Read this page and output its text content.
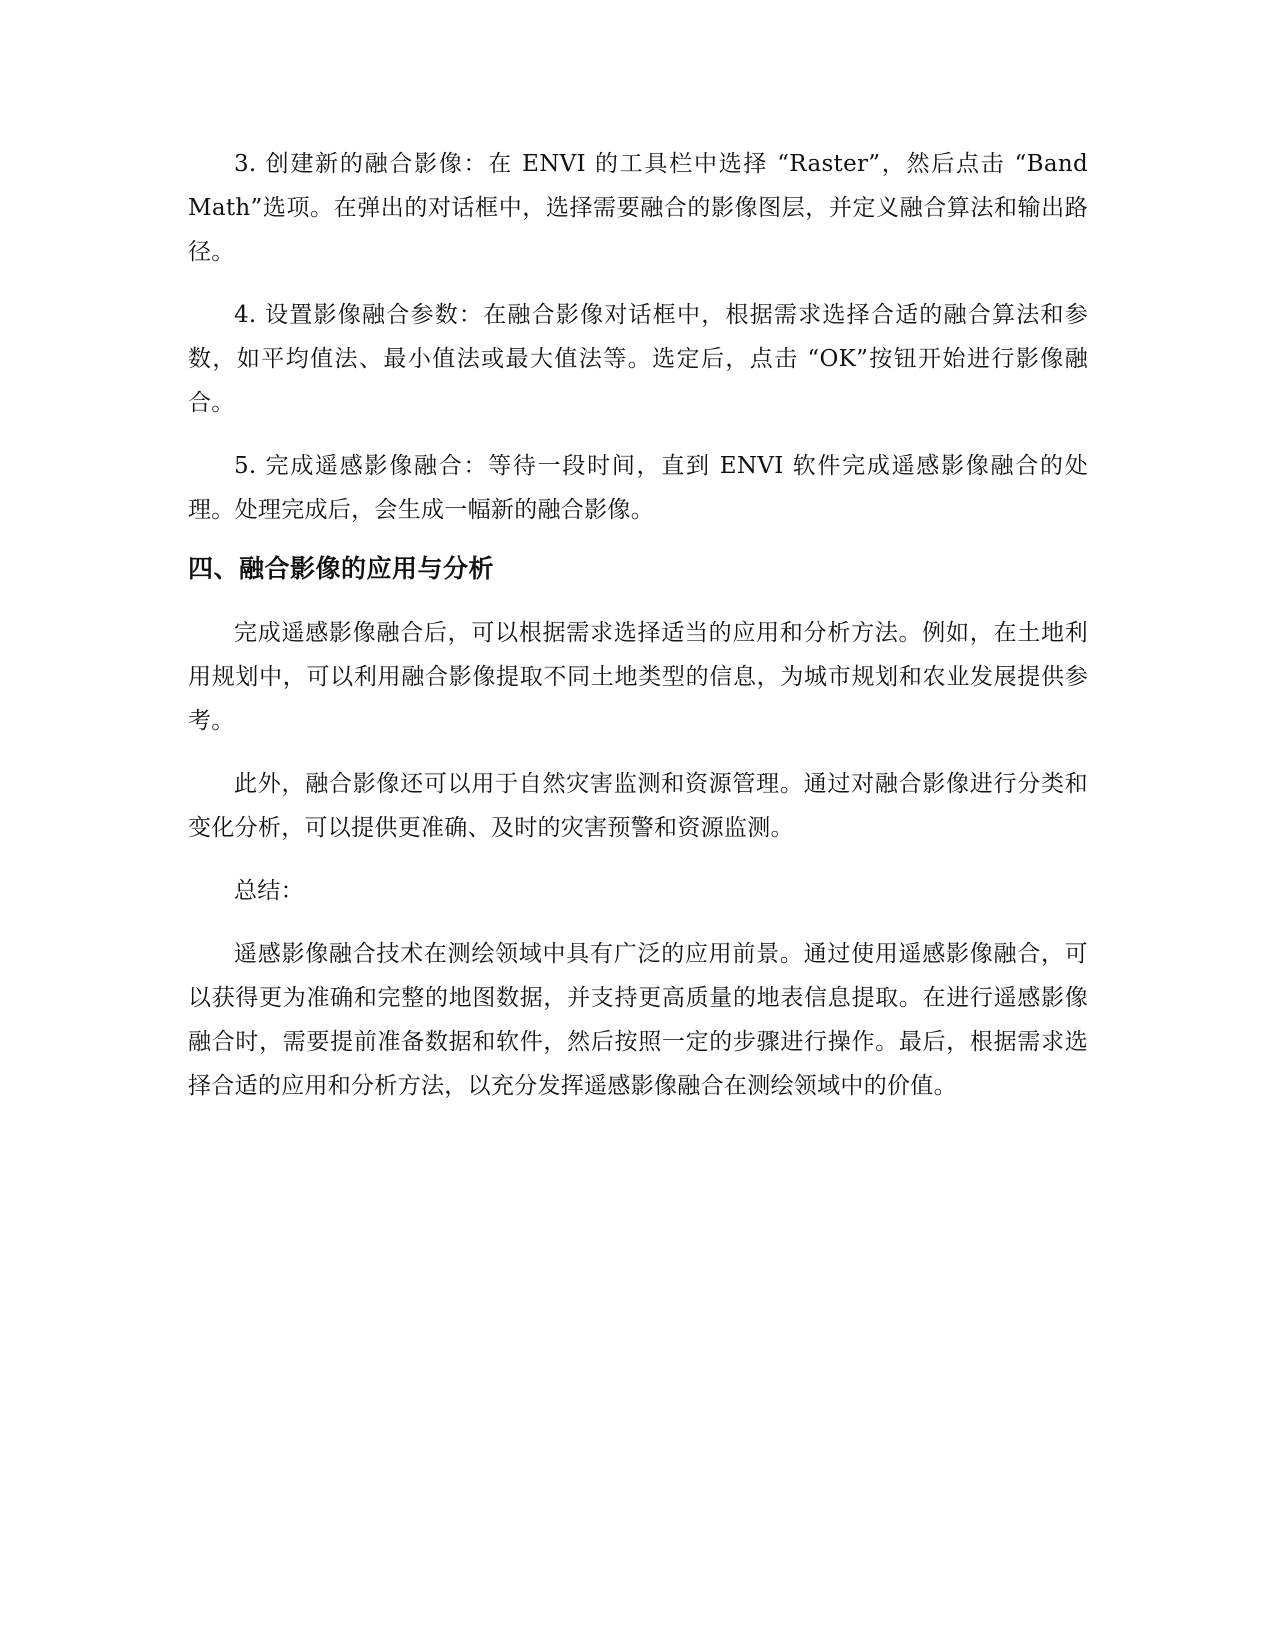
3. 创建新的融合影像：在 ENVI 的工具栏中选择 “Raster”，然后点击 “Band Math”选项。在弹出的对话框中，选择需要融合的影像图层，并定义融合算法和输出路径。

4. 设置影像融合参数：在融合影像对话框中，根据需求选择合适的融合算法和参数，如平均值法、最小值法或最大值法等。选定后，点击 “OK”按钮开始进行影像融合。

5. 完成遥感影像融合：等待一段时间，直到 ENVI 软件完成遥感影像融合的处理。处理完成后，会生成一幅新的融合影像。

四、融合影像的应用与分析

完成遥感影像融合后，可以根据需求选择适当的应用和分析方法。例如，在土地利用规划中，可以利用融合影像提取不同土地类型的信息，为城市规划和农业发展提供参考。

此外，融合影像还可以用于自然灾害监测和资源管理。通过对融合影像进行分类和变化分析，可以提供更准确、及时的灾害预警和资源监测。

总结：

遥感影像融合技术在测绘领域中具有广泛的应用前景。通过使用遥感影像融合，可以获得更为准确和完整的地图数据，并支持更高质量的地表信息提取。在进行遥感影像融合时，需要提前准备数据和软件，然后按照一定的步骤进行操作。最后，根据需求选择合适的应用和分析方法，以充分发挥遥感影像融合在测绘领域中的价值。
